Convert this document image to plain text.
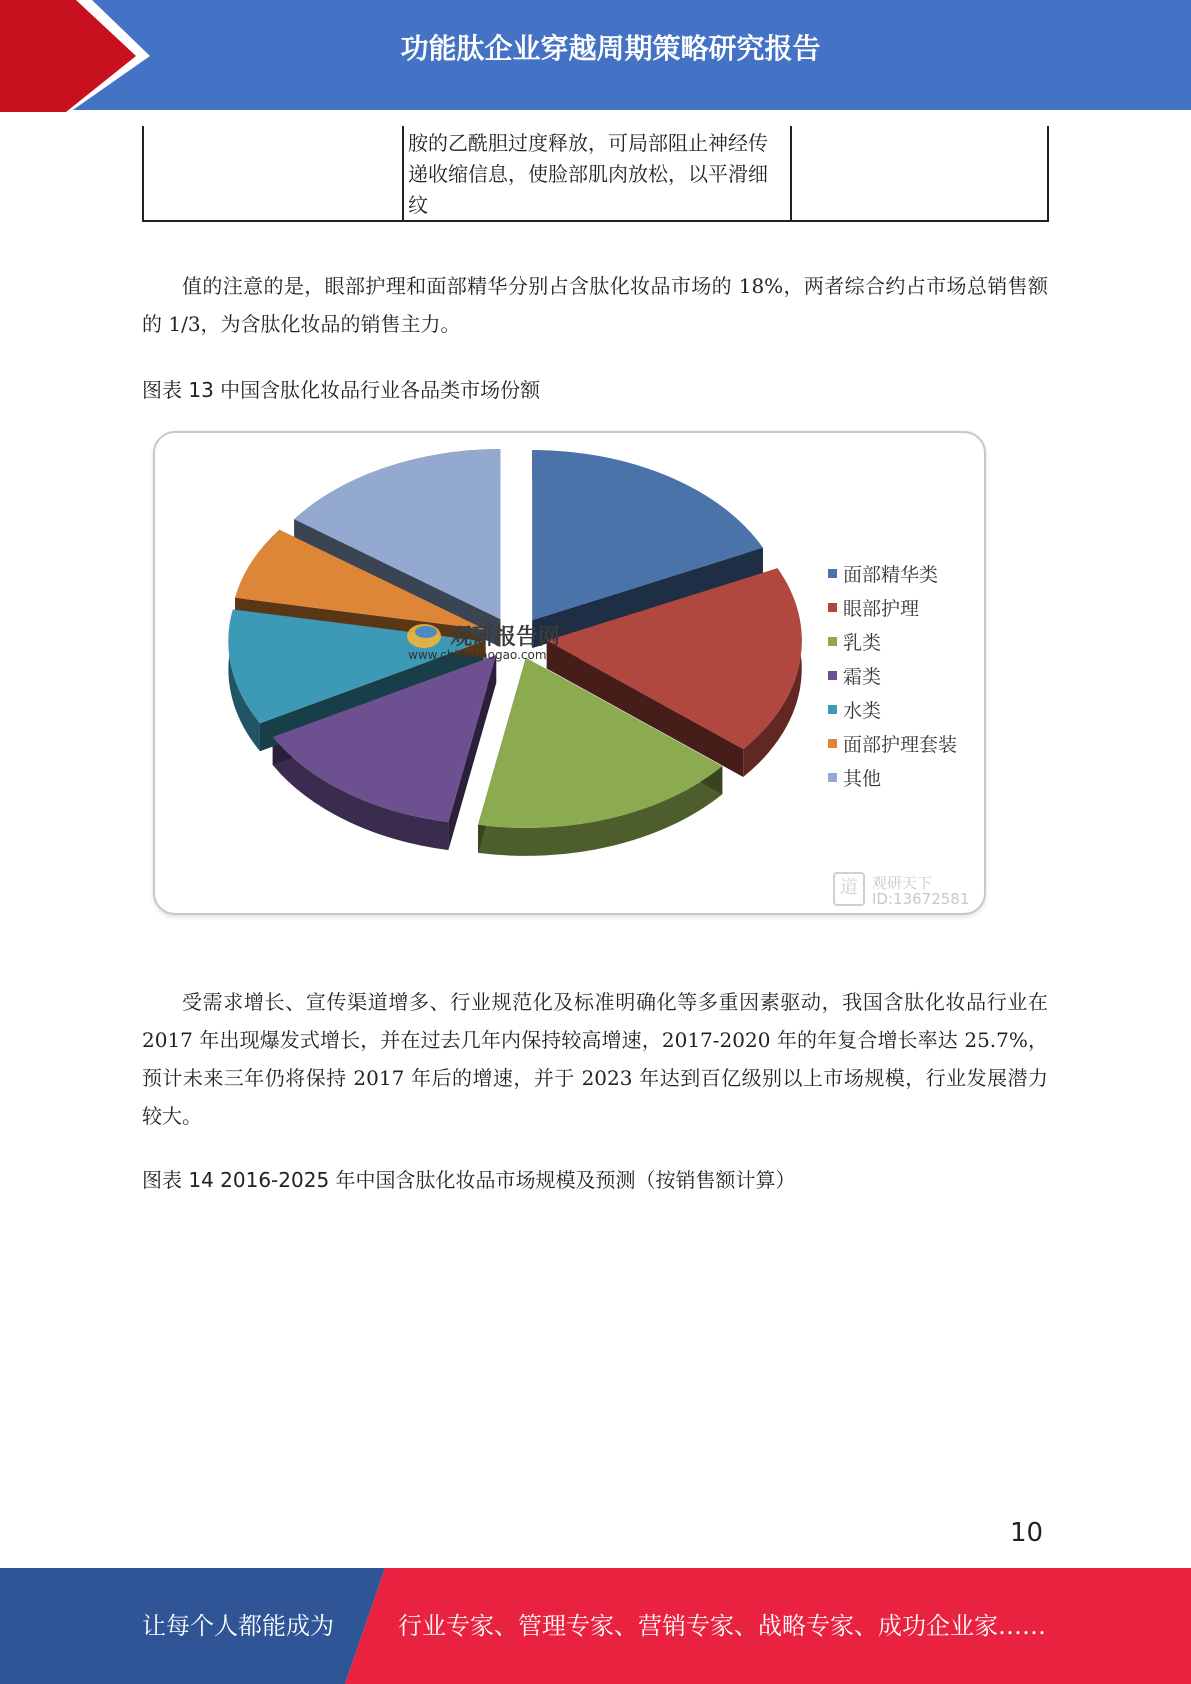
功能肽企业穿越周期策略研究报告
胺的乙酰胆过度释放，可局部阻止神经传递收缩信息，使脸部肌肉放松，以平滑细纹

值的注意的是，眼部护理和面部精华分别占含肽化妆品市场的 18%，两者综合约占市场总销售额的 1/3，为含肽化妆品的销售主力。

图表 13 中国含肽化妆品行业各品类市场份额
面部精华类
眼部护理
乳类
霜类
水类
面部护理套装
其他
观研报告网
www.chinabaogao.com
道 观研天下
ID:13672581

受需求增长、宣传渠道增多、行业规范化及标准明确化等多重因素驱动，我国含肽化妆品行业在 2017 年出现爆发式增长，并在过去几年内保持较高增速，2017-2020 年的年复合增长率达 25.7%，预计未来三年仍将保持 2017 年后的增速，并于 2023 年达到百亿级别以上市场规模，行业发展潜力较大。

图表 14 2016-2025 年中国含肽化妆品市场规模及预测（按销售额计算）
10
让每个人都能成为	行业专家、管理专家、营销专家、战略专家、成功企业家……
